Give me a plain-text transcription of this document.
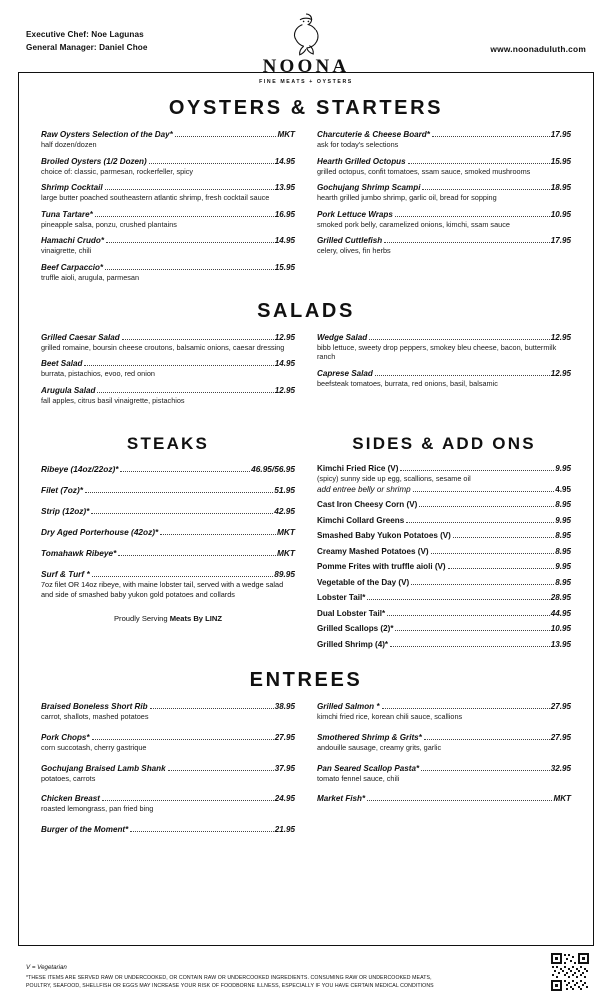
Executive Chef: Noe Lagunas
General Manager: Daniel Choe
NOONA
FINE MEATS + OYSTERS
www.noonaduluth.com
OYSTERS & STARTERS
Raw Oysters Selection of the Day*	MKT
half dozen/dozen
Broiled Oysters (1/2 Dozen)	14.95
choice of: classic, parmesan, rockerfeller, spicy
Shrimp Cocktail	13.95
large butter poached southeastern atlantic shrimp, fresh cocktail sauce
Tuna Tartare*	16.95
pineapple salsa, ponzu, crushed plantains
Hamachi Crudo*	14.95
vinaigrette, chili
Beef Carpaccio*	15.95
truffle aioli, arugula, parmesan
Charcuterie & Cheese Board*	17.95
ask for today's selections
Hearth Grilled Octopus	15.95
grilled octopus, confit tomatoes, ssam sauce, smoked mushrooms
Gochujang Shrimp Scampi	18.95
hearth grilled jumbo shrimp, garlic oil, bread for sopping
Pork Lettuce Wraps	10.95
smoked pork belly, caramelized onions, kimchi, ssam sauce
Grilled Cuttlefish	17.95
celery, olives, fin herbs
SALADS
Grilled Caesar Salad	12.95
grilled romaine, boursin cheese croutons, balsamic onions, caesar dressing
Beet Salad	14.95
burrata, pistachios, evoo, red onion
Arugula Salad	12.95
fall apples, citrus basil vinaigrette, pistachios
Wedge Salad	12.95
bibb lettuce, sweety drop peppers, smokey bleu cheese, bacon, buttermilk ranch
Caprese Salad	12.95
beefsteak tomatoes, burrata, red onions, basil, balsamic
STEAKS
Ribeye (14oz/22oz)*	46.95/56.95
Filet (7oz)*	51.95
Strip (12oz)*	42.95
Dry Aged Porterhouse (42oz)*	MKT
Tomahawk Ribeye*	MKT
Surf & Turf *	89.95
7oz filet OR 14oz ribeye, with maine lobster tail, served with a wedge salad and side of smashed baby yukon gold potatoes and collards
Proudly Serving Meats By LINZ
SIDES & ADD ONS
Kimchi Fried Rice (V)	9.95
(spicy) sunny side up egg, scallions, sesame oil
add entree belly or shrimp	4.95
Cast Iron Cheesy Corn (V)	8.95
Kimchi Collard Greens	9.95
Smashed Baby Yukon Potatoes (V)	8.95
Creamy Mashed Potatoes (V)	8.95
Pomme Frites with truffle aioli (V)	9.95
Vegetable of the Day (V)	8.95
Lobster Tail*	28.95
Dual Lobster Tail*	44.95
Grilled Scallops (2)*	10.95
Grilled Shrimp (4)*	13.95
ENTREES
Braised Boneless Short Rib	38.95
carrot, shallots, mashed potatoes
Pork Chops*	27.95
corn succotash, cherry gastrique
Gochujang Braised Lamb Shank	37.95
potatoes, carrots
Chicken Breast	24.95
roasted lemongrass, pan fried bing
Burger of the Moment*	21.95
Grilled Salmon *	27.95
kimchi fried rice, korean chili sauce, scallions
Smothered Shrimp & Grits*	27.95
andouille sausage, creamy grits, garlic
Pan Seared Scallop Pasta*	32.95
tomato fennel sauce, chili
Market Fish*	MKT
V = Vegetarian
*THESE ITEMS ARE SERVED RAW OR UNDERCOOKED, OR CONTAIN RAW OR UNDERCOOKED INGREDIENTS. CONSUMING RAW OR UNDERCOOKED MEATS,
POULTRY, SEAFOOD, SHELLFISH OR EGGS MAY INCREASE YOUR RISK OF FOODBORNE ILLNESS, ESPECIALLY IF YOU HAVE CERTAIN MEDICAL CONDITIONS
